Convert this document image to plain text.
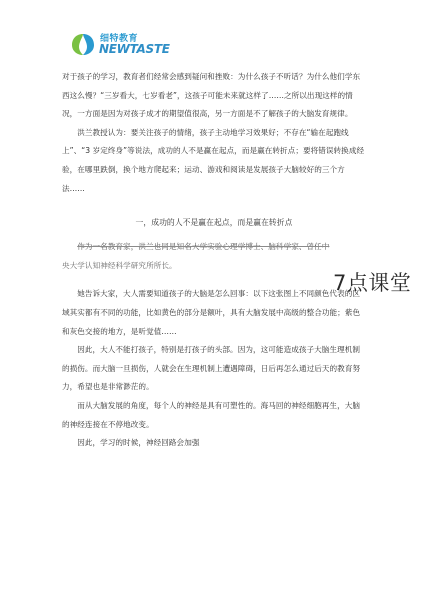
细特教育
NEWTASTE

对于孩子的学习，教育者们经常会感到疑问和挫败：为什么孩子不听话？为什么他们学东西这么慢？“三岁看大，七岁看老”，这孩子可能未来就这样了……之所以出现这样的情况，一方面是因为对孩子成才的期望值很高，另一方面是不了解孩子的大脑发育规律。

洪兰教授认为：要关注孩子的情绪，孩子主动地学习效果好；不存在“输在起跑线上”、“3 岁定终身”等说法，成功的人不是赢在起点，而是赢在转折点；要将错误转换成经验，在哪里跌倒，换个地方爬起来；运动、游戏和阅读是发展孩子大脑较好的三个方法……

一，成功的人不是赢在起点，而是赢在转折点

作为一名教育家，洪兰也同是知名大学实验心理学博士、脑科学家、曾任中

央大学认知神经科学研究所所长。

她告诉大家，大人需要知道孩子的大脑是怎么回事：以下这张图上不同颜色代表的区域其实都有不同的功能，比如黄色的部分是额叶，具有大脑发展中高级的整合功能；紫色和灰色交接的地方，是听觉值……

因此，大人不能打孩子，特别是打孩子的头部。因为，这可能造成孩子大脑生理机制的损伤。而大脑一旦损伤，人就会在生理机制上遭遇障碍，日后再怎么通过后天的教育努力，希望也是非常渺茫的。

而从大脑发展的角度，每个人的神经是具有可塑性的。海马回的神经细胞再生，大脑的神经连接在不停地改变。

因此，学习的时候，神经回路会加强

7点课堂
